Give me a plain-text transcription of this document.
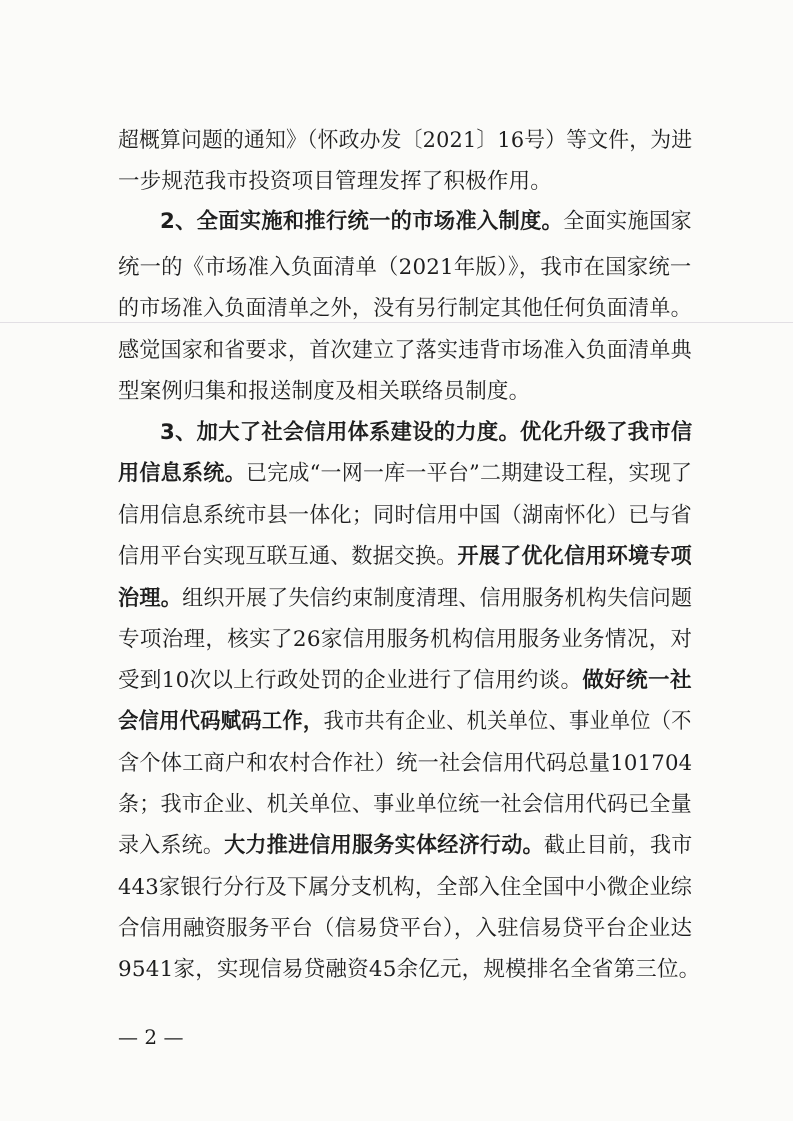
超概算问题的通知》（怀政办发〔2021〕16号）等文件，为进
一步规范我市投资项目管理发挥了积极作用。
2、全面实施和推行统一的市场准入制度。全面实施国家
统一的《市场准入负面清单（2021年版）》，我市在国家统一
的市场准入负面清单之外，没有另行制定其他任何负面清单。
感觉国家和省要求，首次建立了落实违背市场准入负面清单典
型案例归集和报送制度及相关联络员制度。
3、加大了社会信用体系建设的力度。优化升级了我市信
用信息系统。已完成“一网一库一平台”二期建设工程，实现了
信用信息系统市县一体化；同时信用中国（湖南怀化）已与省
信用平台实现互联互通、数据交换。开展了优化信用环境专项
治理。组织开展了失信约束制度清理、信用服务机构失信问题
专项治理，核实了26家信用服务机构信用服务业务情况，对
受到10次以上行政处罚的企业进行了信用约谈。做好统一社
会信用代码赋码工作，我市共有企业、机关单位、事业单位（不
含个体工商户和农村合作社）统一社会信用代码总量101704
条；我市企业、机关单位、事业单位统一社会信用代码已全量
录入系统。大力推进信用服务实体经济行动。截止目前，我市
443家银行分行及下属分支机构，全部入住全国中小微企业综
合信用融资服务平台（信易贷平台），入驻信易贷平台企业达
9541家，实现信易贷融资45余亿元，规模排名全省第三位。
— 2 —
